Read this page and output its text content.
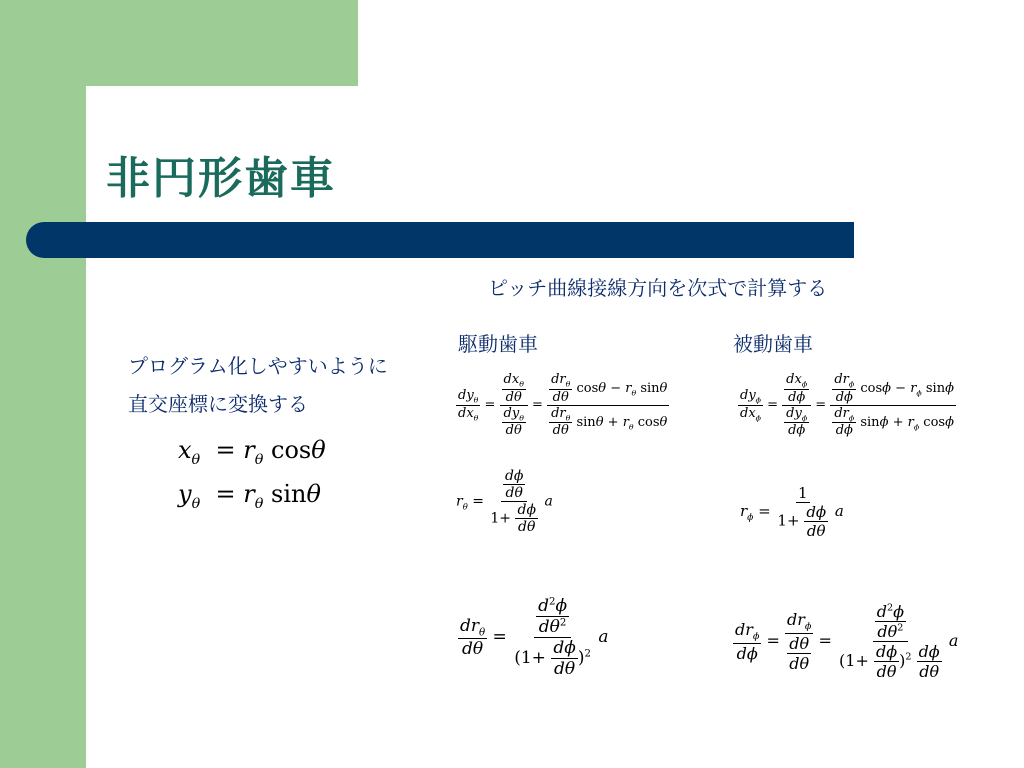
非円形歯車
ピッチ曲線接線方向を次式で計算する
駆動歯車	被動歯車
プログラム化しやすいように
直交座標に変換する
$x_\theta = r_\theta$ cosθ
$y_\theta = r_\theta$ sinθ
$dy_\theta$
$dx_\theta$
=
$dx_\theta$
dθ
$dy_\theta$
dθ
=
$dr_\theta$
dθ
$\cos\theta - r_\theta$ sinθ
$dr_\theta$
dθ
$\sin\theta + r_\theta$ cosθ
$r_\theta$ =
$\frac{d\phi}{d\theta}$
$1+ \frac{d\phi}{d\theta}$
a
$dr_\theta$
dθ
= $\frac{d^2\phi}{d\theta^2}$
$(1+ \frac{d\phi}{d\theta} )^2$
a
$dy_\phi$
$dx_\phi$
=
$dx_\phi$
dϕ
$dy_\phi$
dϕ
=
$dr_\phi$
dϕ
$\cos\phi - r_\phi$ sinϕ
$dr_\phi$
dϕ
$\sin\phi + r_\phi$ cosϕ
$r_\phi$ =
1
$1+ \frac{d\phi}{d\theta}$ a
$dr_\phi$
dϕ
=
$dr_\phi$
$\frac{d\theta}{d\theta} = \frac{d^2\phi}{d\theta^2}$
$(1+ \frac{d\phi}{d\theta} )^2 \frac{d\phi}{d\theta}$
a
